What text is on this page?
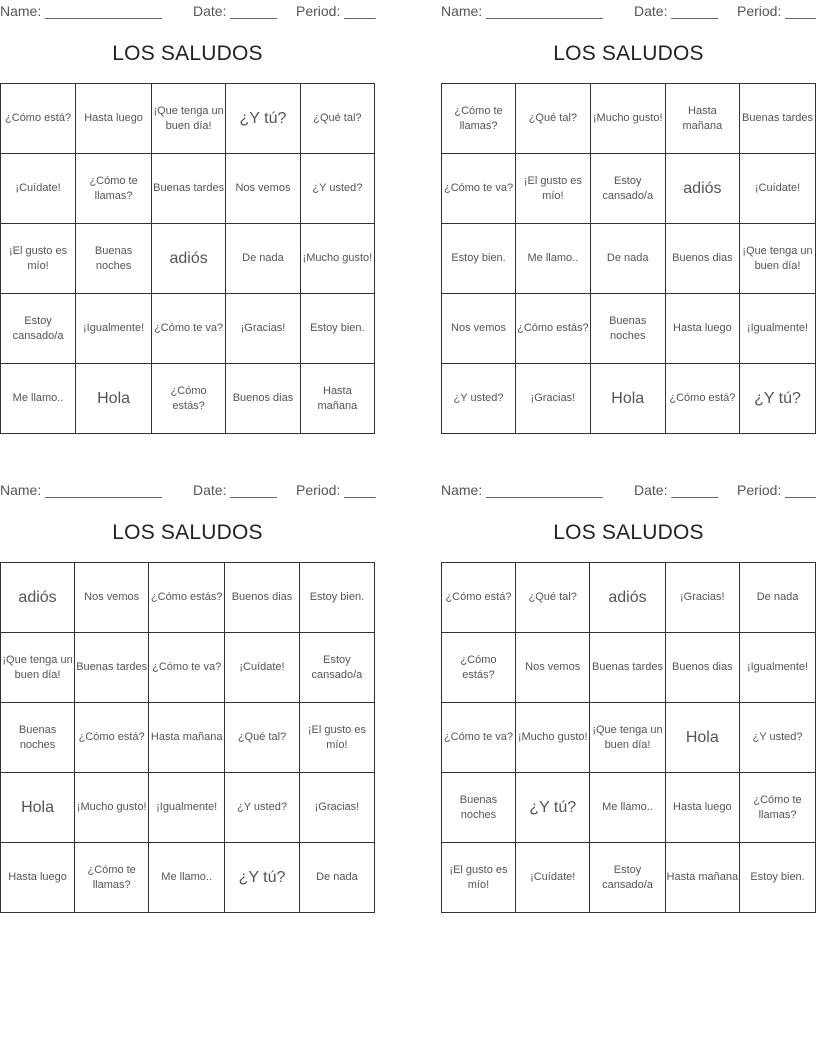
Name: _______________ Date: ______ Period: ____
LOS SALUDOS
¿Cómo está?	Hasta luego	¡Que tenga un buen día!	¿Y tú?	¿Qué tal?
¡Cuídate!	¿Cómo te llamas?	Buenas tardes	Nos vemos	¿Y usted?
¡El gusto es mío!	Buenas noches	adiós	De nada	¡Mucho gusto!
Estoy cansado/a	¡Igualmente!	¿Cómo te va?	¡Gracias!	Estoy bien.
Me llamo..	Hola	¿Cómo estás?	Buenos dias	Hasta mañana
Name: _______________ Date: ______ Period: ____
LOS SALUDOS
¿Cómo te llamas?	¿Qué tal?	¡Mucho gusto!	Hasta mañana	Buenas tardes
¿Cómo te va?	¡El gusto es mío!	Estoy cansado/a	adiós	¡Cuídate!
Estoy bien.	Me llamo..	De nada	Buenos dias	¡Que tenga un buen día!
Nos vemos	¿Cómo estás?	Buenas noches	Hasta luego	¡Igualmente!
¿Y usted?	¡Gracias!	Hola	¿Cómo está?	¿Y tú?
Name: _______________ Date: ______ Period: ____
LOS SALUDOS
adiós	Nos vemos	¿Cómo estás?	Buenos dias	Estoy bien.
¡Que tenga un buen día!	Buenas tardes	¿Cómo te va?	¡Cuídate!	Estoy cansado/a
Buenas noches	¿Cómo está?	Hasta mañana	¿Qué tal?	¡El gusto es mío!
Hola	¡Mucho gusto!	¡Igualmente!	¿Y usted?	¡Gracias!
Hasta luego	¿Cómo te llamas?	Me llamo..	¿Y tú?	De nada
Name: _______________ Date: ______ Period: ____
LOS SALUDOS
¿Cómo está?	¿Qué tal?	adiós	¡Gracias!	De nada
¿Cómo estás?	Nos vemos	Buenas tardes	Buenos dias	¡Igualmente!
¿Cómo te va?	¡Mucho gusto!	¡Que tenga un buen día!	Hola	¿Y usted?
Buenas noches	¿Y tú?	Me llamo..	Hasta luego	¿Cómo te llamas?
¡El gusto es mío!	¡Cuídate!	Estoy cansado/a	Hasta mañana	Estoy bien.
